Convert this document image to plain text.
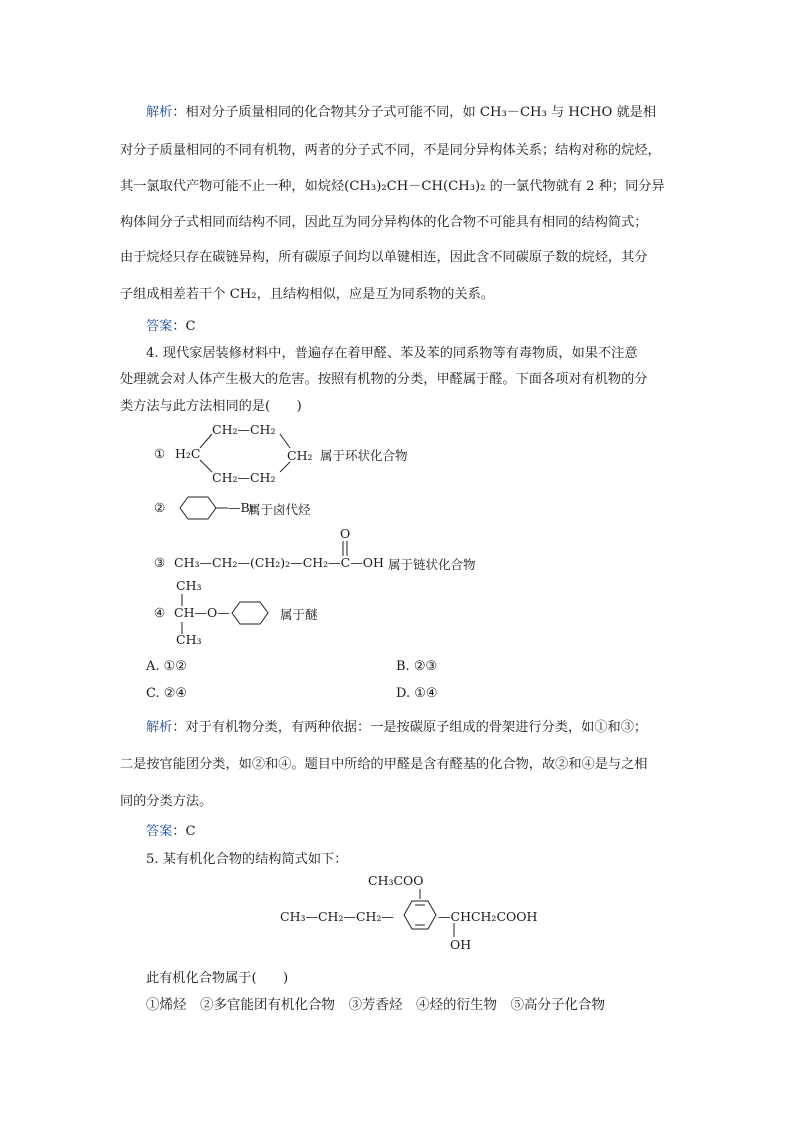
解析：相对分子质量相同的化合物其分子式可能不同，如 CH₃－CH₃ 与 HCHO 就是相
对分子质量相同的不同有机物，两者的分子式不同，不是同分异构体关系；结构对称的烷烃，
其一氯取代产物可能不止一种，如烷烃(CH₃)₂CH－CH(CH₃)₂ 的一氯代物就有 2 种；同分异
构体间分子式相同而结构不同，因此互为同分异构体的化合物不可能具有相同的结构简式；
由于烷烃只存在碳链异构，所有碳原子间均以单键相连，因此含不同碳原子数的烷烃，其分
子组成相差若干个 CH₂，且结构相似，应是互为同系物的关系。
答案：C
4. 现代家居装修材料中，普遍存在着甲醛、苯及苯的同系物等有毒物质，如果不注意
处理就会对人体产生极大的危害。按照有机物的分类，甲醛属于醛。下面各项对有机物的分
类方法与此方法相同的是(　　)
①
CH₂—CH₂
H₂C	CH₂
CH₂—CH₂
属于环状化合物
②	—Br
属于卤代烃
O
③ CH₃—CH₂—(CH₂)₂—CH₂—C—OH 属于链状化合物
CH₃
④ CH—O—
CH₃
属于醚
A. ①②	B. ②③
C. ②④	D. ①④
解析：对于有机物分类，有两种依据：一是按碳原子组成的骨架进行分类，如①和③；
二是按官能团分类，如②和④。题目中所给的甲醛是含有醛基的化合物，故②和④是与之相
同的分类方法。
答案：C
5. 某有机化合物的结构简式如下：
CH₃COO
CH₃—CH₂—CH₂—	—CHCH₂COOH
OH
此有机化合物属于(　　)
①烯烃　②多官能团有机化合物　③芳香烃　④烃的衍生物　⑤高分子化合物
